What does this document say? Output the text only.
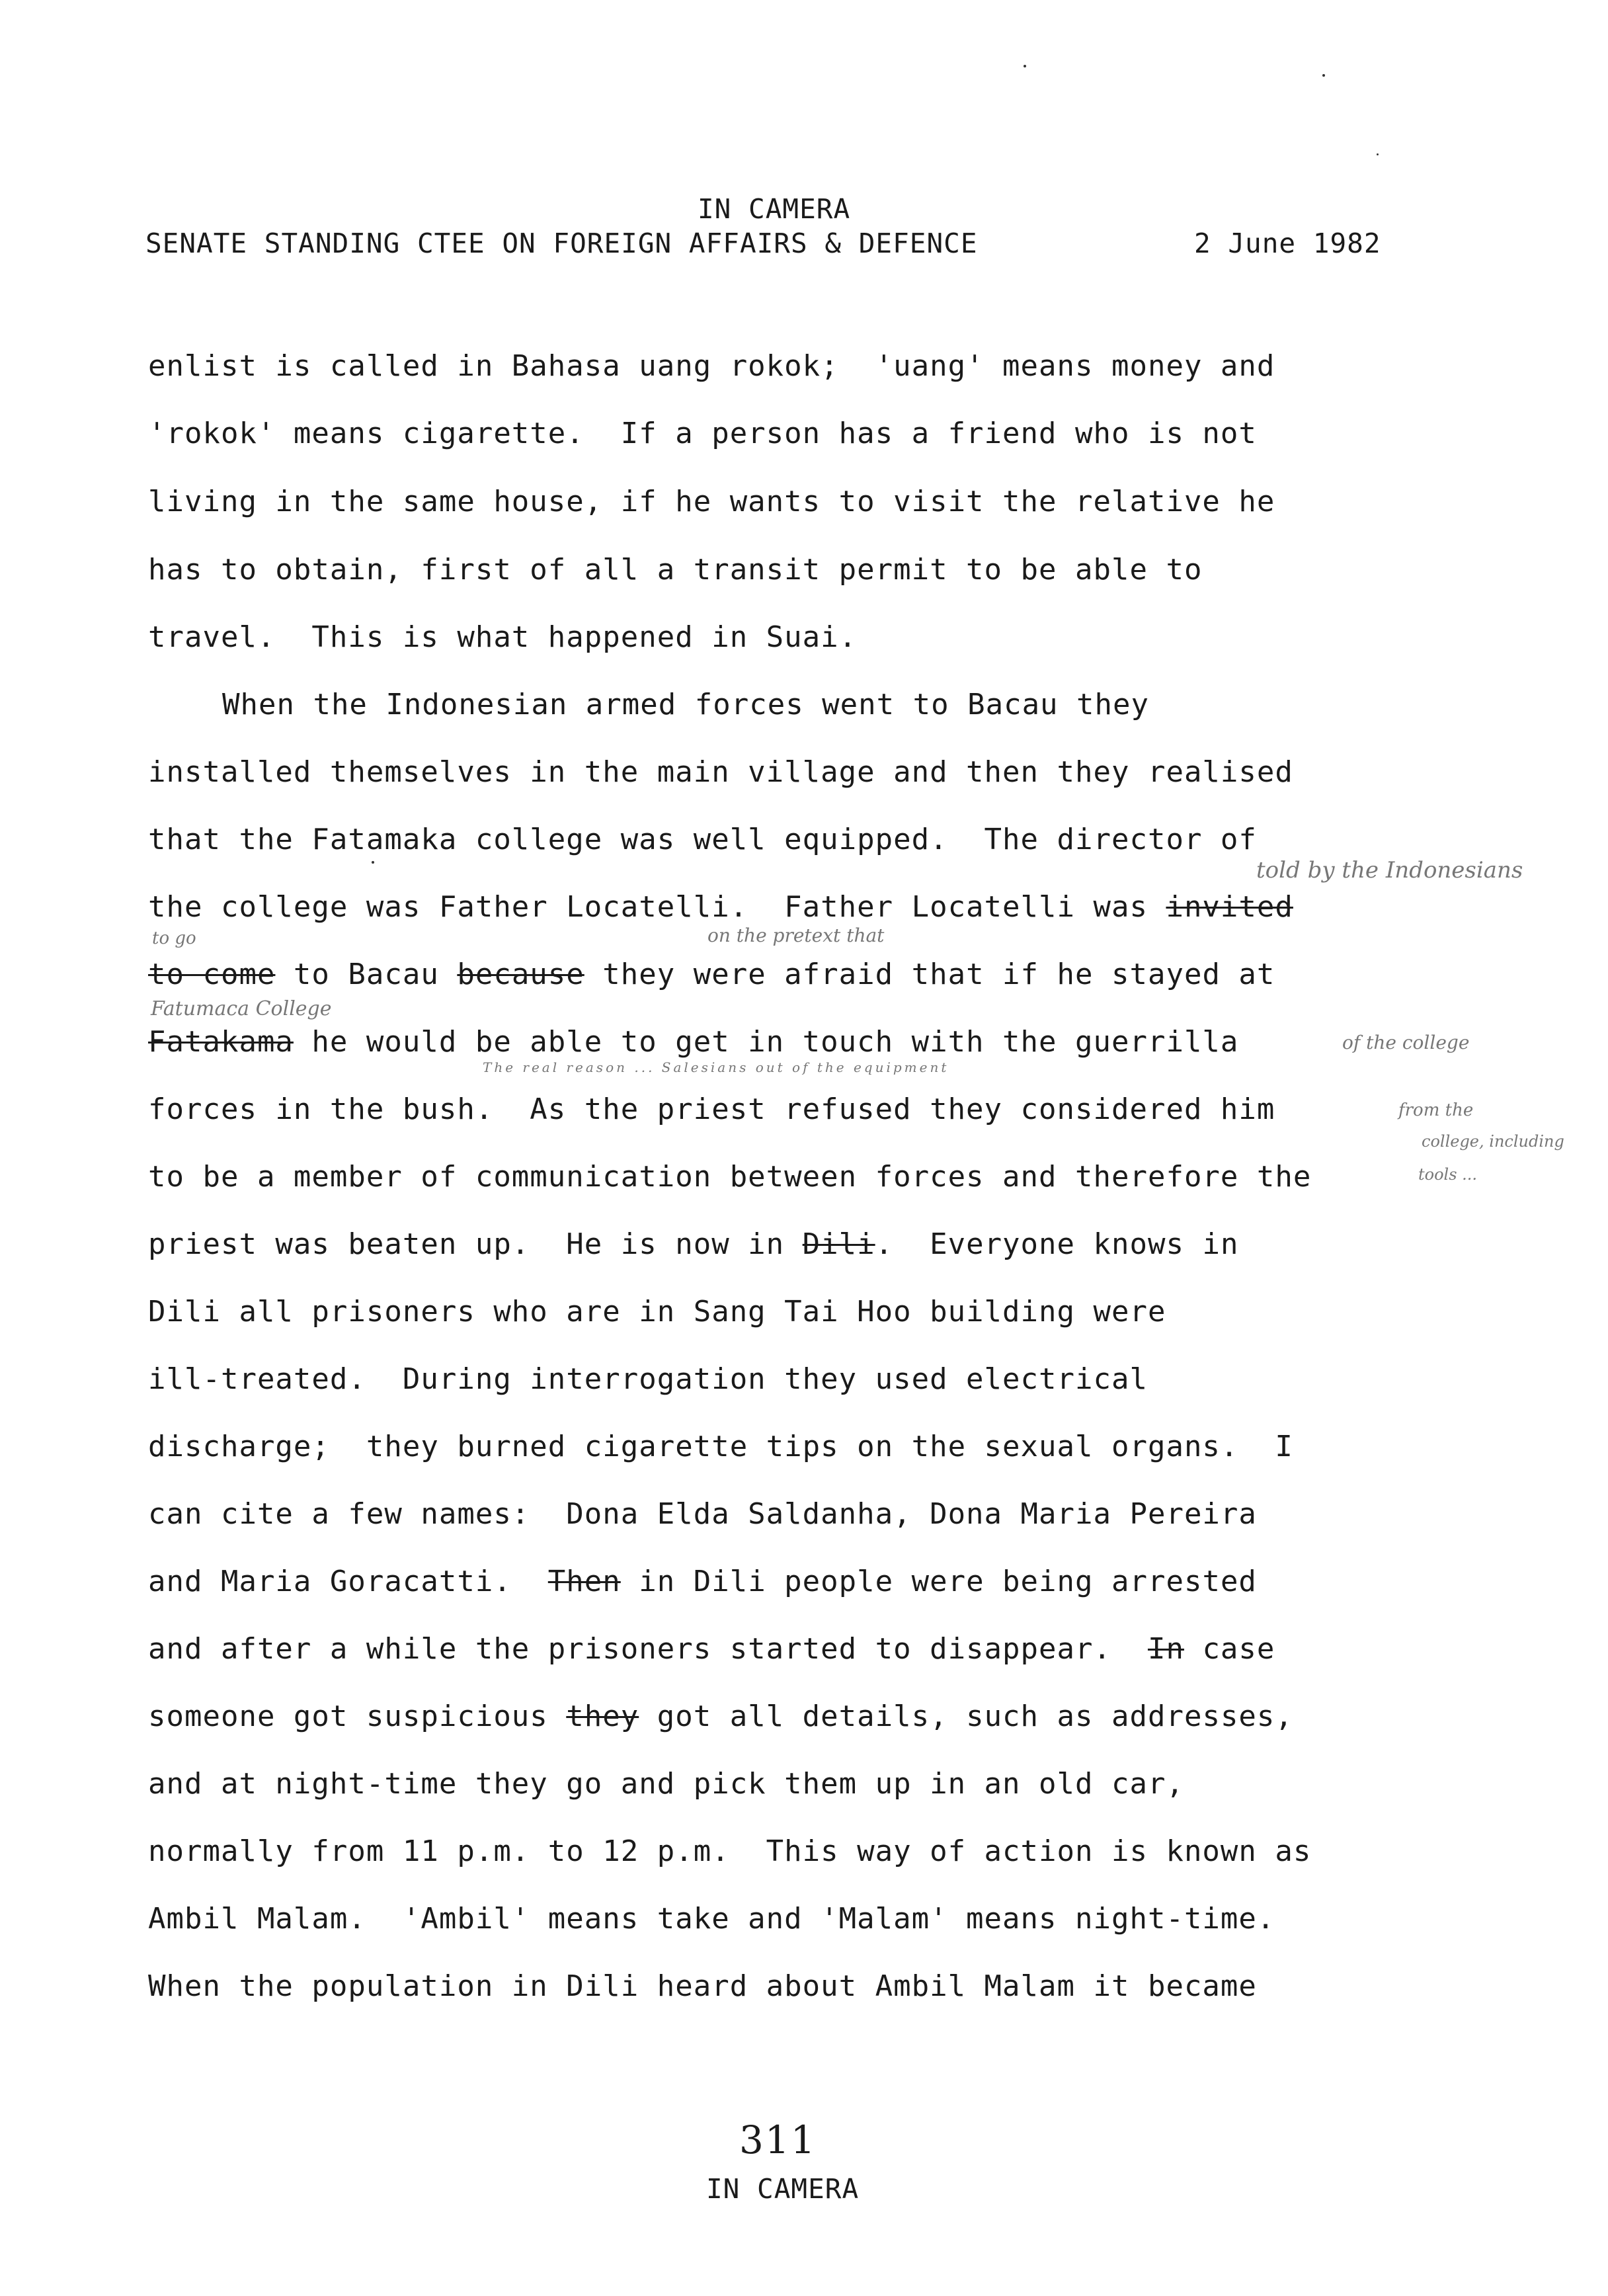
IN CAMERA
SENATE STANDING CTEE ON FOREIGN AFFAIRS & DEFENCE	2 June 1982
enlist is called in Bahasa uang rokok;  'uang' means money and
'rokok' means cigarette.  If a person has a friend who is not
living in the same house, if he wants to visit the relative he
has to obtain, first of all a transit permit to be able to
travel.  This is what happened in Suai.
When the Indonesian armed forces went to Bacau they
installed themselves in the main village and then they realised
that the Fatamaka college was well equipped.  The director of
the college was Father Locatelli.  Father Locatelli was invited
to come to Bacau because they were afraid that if he stayed at
Fatakama he would be able to get in touch with the guerrilla
forces in the bush.  As the priest refused they considered him
to be a member of communication between forces and therefore the
priest was beaten up.  He is now in Dili.  Everyone knows in
Dili all prisoners who are in Sang Tai Hoo building were
ill-treated.  During interrogation they used electrical
discharge;  they burned cigarette tips on the sexual organs.  I
can cite a few names:  Dona Elda Saldanha, Dona Maria Pereira
and Maria Goracatti.  Then in Dili people were being arrested
and after a while the prisoners started to disappear.  In case
someone got suspicious they got all details, such as addresses,
and at night-time they go and pick them up in an old car,
normally from 11 p.m. to 12 p.m.  This way of action is known as
Ambil Malam.  'Ambil' means take and 'Malam' means night-time.
When the population in Dili heard about Ambil Malam it became
told by the Indonesians
to go	on the pretext that
Fatumaca College
of the college
The real reason ... Salesians out of the equipment
from the
college, including
tools ...
311
IN CAMERA
